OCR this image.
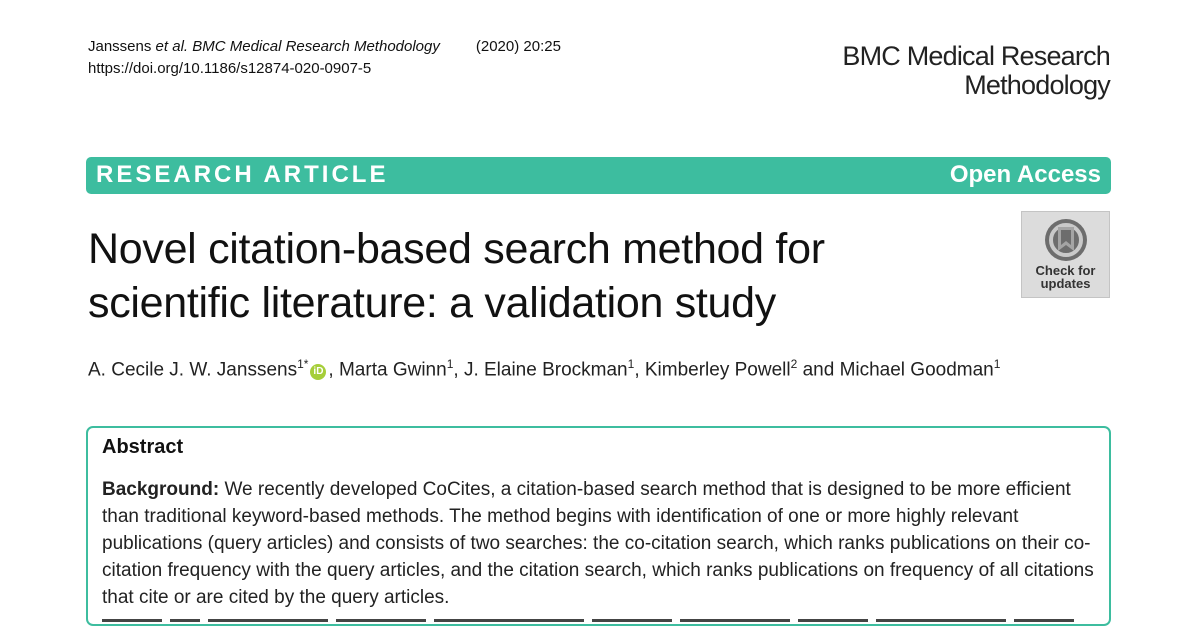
Janssens et al. BMC Medical Research Methodology (2020) 20:25
https://doi.org/10.1186/s12874-020-0907-5	BMC Medical Research
Methodology
RESEARCH ARTICLE	Open Access
Novel citation-based search method for
scientific literature: a validation study
Check for
updates
A. Cecile J. W. Janssens$^{1*}$iD , Marta Gwinn$^1$, J. Elaine Brockman$^1$, Kimberley Powell$^2$ and Michael Goodman$^1$
Abstract

Background: We recently developed CoCites, a citation-based search method that is designed to be more efficient than traditional keyword-based methods. The method begins with identification of one or more highly relevant publications (query articles) and consists of two searches: the co-citation search, which ranks publications on their co-citation frequency with the query articles, and the citation search, which ranks publications on frequency of all citations that cite or are cited by the query articles.
